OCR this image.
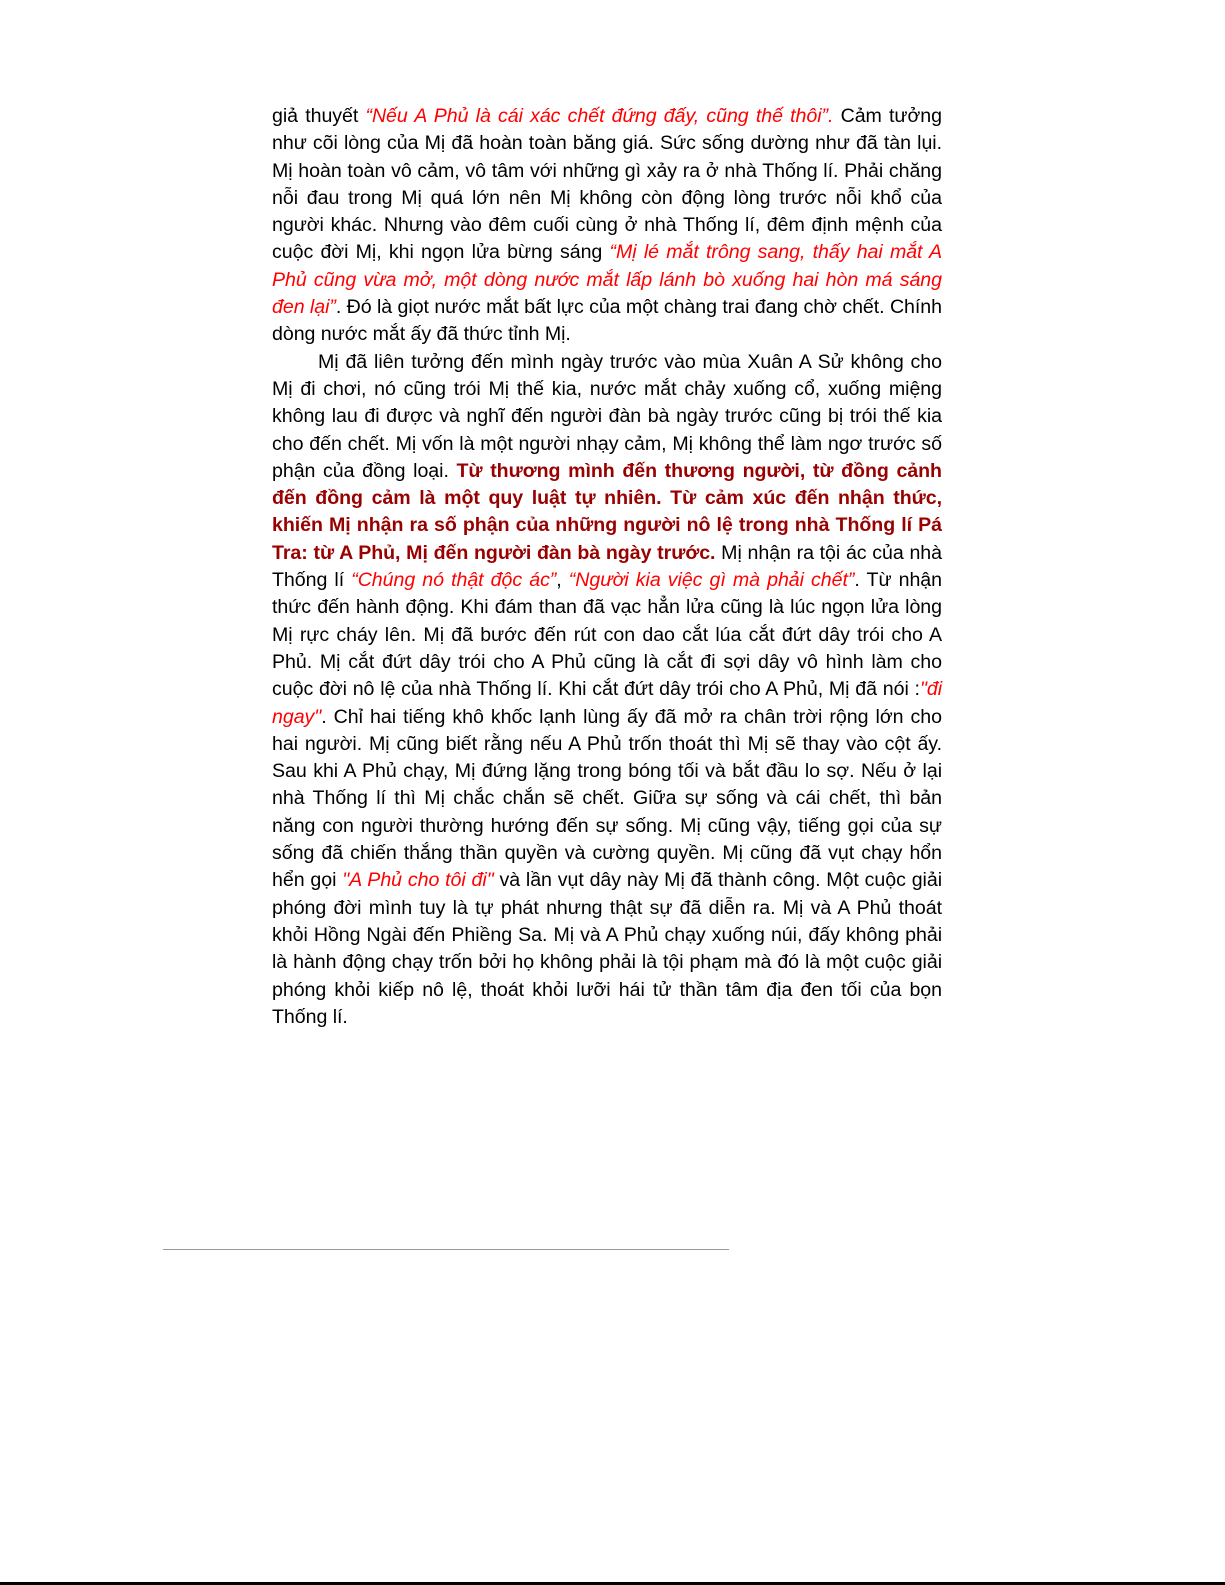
giả thuyết “Nếu A Phủ là cái xác chết đứng đấy, cũng thế thôi”. Cảm tưởng như cõi lòng của Mị đã hoàn toàn băng giá. Sức sống dường như đã tàn lụi. Mị hoàn toàn vô cảm, vô tâm với những gì xảy ra ở nhà Thống lí. Phải chăng nỗi đau trong Mị quá lớn nên Mị không còn động lòng trước nỗi khổ của người khác. Nhưng vào đêm cuối cùng ở nhà Thống lí, đêm định mệnh của cuộc đời Mị, khi ngọn lửa bừng sáng “Mị lé mắt trông sang, thấy hai mắt A Phủ cũng vừa mở, một dòng nước mắt lấp lánh bò xuống hai hòn má sáng đen lại”. Đó là giọt nước mắt bất lực của một chàng trai đang chờ chết. Chính dòng nước mắt ấy đã thức tỉnh Mị.

Mị đã liên tưởng đến mình ngày trước vào mùa Xuân A Sử không cho Mị đi chơi, nó cũng trói Mị thế kia, nước mắt chảy xuống cổ, xuống miệng không lau đi được và nghĩ đến người đàn bà ngày trước cũng bị trói thế kia cho đến chết. Mị vốn là một người nhạy cảm, Mị không thể làm ngơ trước số phận của đồng loại. Từ thương mình đến thương người, từ đồng cảnh đến đồng cảm là một quy luật tự nhiên. Từ cảm xúc đến nhận thức, khiến Mị nhận ra số phận của những người nô lệ trong nhà Thống lí Pá Tra: từ A Phủ, Mị đến người đàn bà ngày trước. Mị nhận ra tội ác của nhà Thống lí “Chúng nó thật độc ác”, “Người kia việc gì mà phải chết”. Từ nhận thức đến hành động. Khi đám than đã vạc hẳn lửa cũng là lúc ngọn lửa lòng Mị rực cháy lên. Mị đã bước đến rút con dao cắt lúa cắt đứt dây trói cho A Phủ. Mị cắt đứt dây trói cho A Phủ cũng là cắt đi sợi dây vô hình làm cho cuộc đời nô lệ của nhà Thống lí. Khi cắt đứt dây trói cho A Phủ, Mị đã nói :"đi ngay". Chỉ hai tiếng khô khốc lạnh lùng ấy đã mở ra chân trời rộng lớn cho hai người. Mị cũng biết rằng nếu A Phủ trốn thoát thì Mị sẽ thay vào cột ấy. Sau khi A Phủ chạy, Mị đứng lặng trong bóng tối và bắt đầu lo sợ. Nếu ở lại nhà Thống lí thì Mị chắc chắn sẽ chết. Giữa sự sống và cái chết, thì bản năng con người thường hướng đến sự sống. Mị cũng vậy, tiếng gọi của sự sống đã chiến thắng thần quyền và cường quyền. Mị cũng đã vụt chạy hổn hển gọi "A Phủ cho tôi đi" và lần vụt dây này Mị đã thành công. Một cuộc giải phóng đời mình tuy là tự phát nhưng thật sự đã diễn ra. Mị và A Phủ thoát khỏi Hồng Ngài đến Phiềng Sa. Mị và A Phủ chạy xuống núi, đấy không phải là hành động chạy trốn bởi họ không phải là tội phạm mà đó là một cuộc giải phóng khỏi kiếp nô lệ, thoát khỏi lưỡi hái tử thần tâm địa đen tối của bọn Thống lí.
